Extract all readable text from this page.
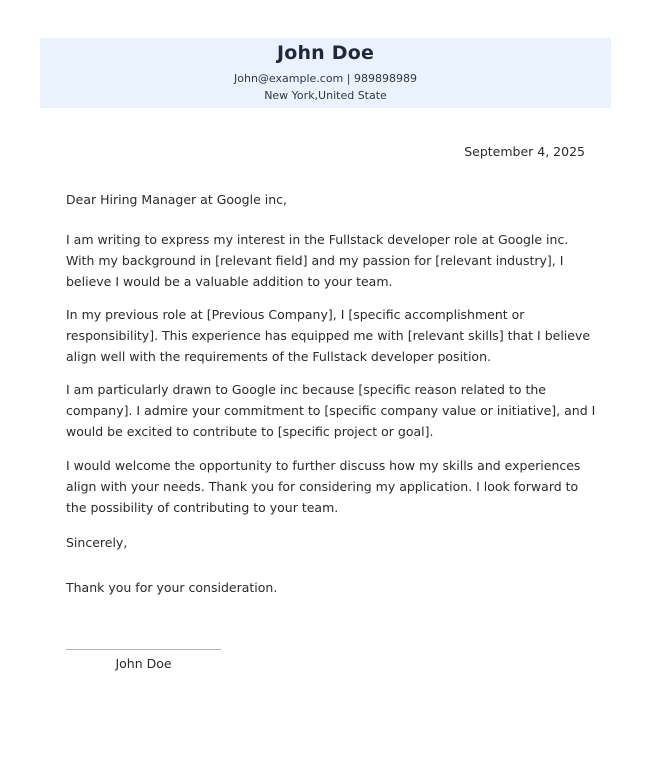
John Doe
John@example.com | 989898989
New York,United State
September 4, 2025
Dear Hiring Manager at Google inc,
I am writing to express my interest in the Fullstack developer role at Google inc. With my background in [relevant field] and my passion for [relevant industry], I believe I would be a valuable addition to your team.
In my previous role at [Previous Company], I [specific accomplishment or responsibility]. This experience has equipped me with [relevant skills] that I believe align well with the requirements of the Fullstack developer position.
I am particularly drawn to Google inc because [specific reason related to the company]. I admire your commitment to [specific company value or initiative], and I would be excited to contribute to [specific project or goal].
I would welcome the opportunity to further discuss how my skills and experiences align with your needs. Thank you for considering my application. I look forward to the possibility of contributing to your team.
Sincerely,
Thank you for your consideration.
John Doe
